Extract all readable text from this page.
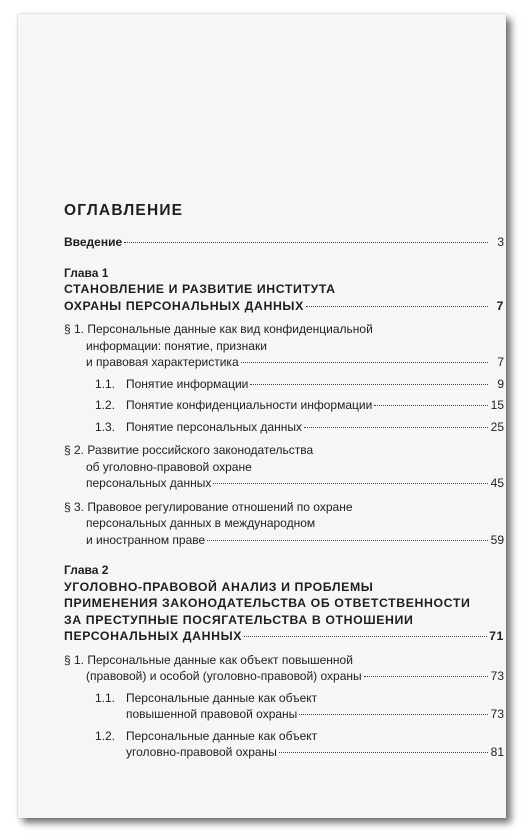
ОГЛАВЛЕНИЕ
Введение	3
Глава 1
СТАНОВЛЕНИЕ И РАЗВИТИЕ ИНСТИТУТА
ОХРАНЫ ПЕРСОНАЛЬНЫХ ДАННЫХ	7
§ 1. Персональные данные как вид конфиденциальной
информации: понятие, признаки
и правовая характеристика	7
1.1. Понятие информации	9
1.2. Понятие конфиденциальности информации	15
1.3. Понятие персональных данных	25
§ 2. Развитие российского законодательства
об уголовно-правовой охране
персональных данных	45
§ 3. Правовое регулирование отношений по охране
персональных данных в международном
и иностранном праве	59
Глава 2
УГОЛОВНО-ПРАВОВОЙ АНАЛИЗ И ПРОБЛЕМЫ
ПРИМЕНЕНИЯ ЗАКОНОДАТЕЛЬСТВА ОБ ОТВЕТСТВЕННОСТИ
ЗА ПРЕСТУПНЫЕ ПОСЯГАТЕЛЬСТВА В ОТНОШЕНИИ
ПЕРСОНАЛЬНЫХ ДАННЫХ	71
§ 1. Персональные данные как объект повышенной
(правовой) и особой (уголовно-правовой) охраны	73
1.1. Персональные данные как объект
повышенной правовой охраны	73
1.2. Персональные данные как объект
уголовно-правовой охраны	81
